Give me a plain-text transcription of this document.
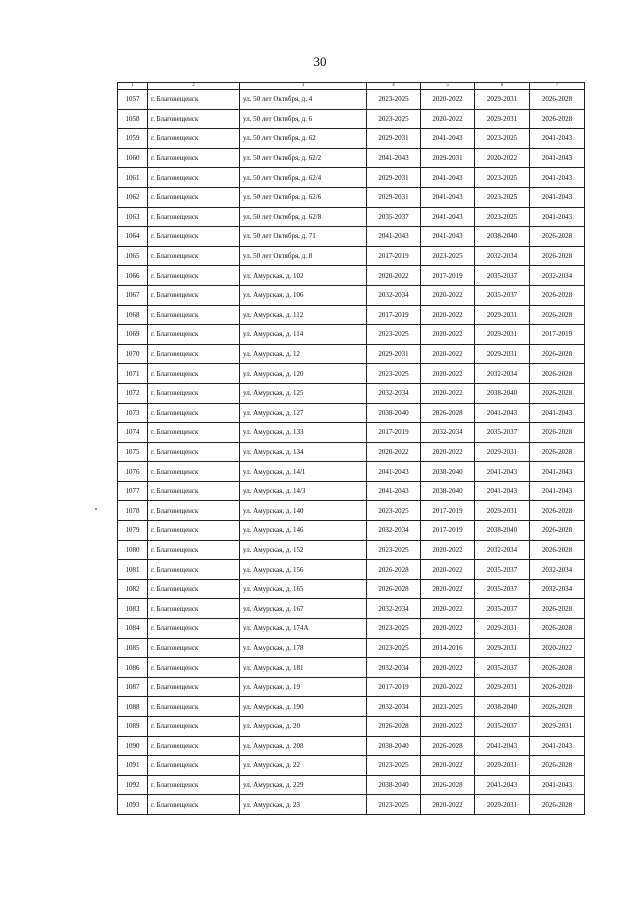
30
1	2	3	4	5	6	7
1057	г. Благовещенск	ул. 50 лет Октября, д. 4	2023-2025	2020-2022	2029-2031	2026-2028
1058	г. Благовещенск	ул. 50 лет Октября, д. 6	2023-2025	2020-2022	2029-2031	2026-2028
1059	г. Благовещенск	ул. 50 лет Октября, д. 62	2029-2031	2041-2043	2023-2025	2041-2043
1060	г. Благовещенск	ул. 50 лет Октября, д. 62/2	2041-2043	2029-2031	2020-2022	2041-2043
1061	г. Благовещенск	ул. 50 лет Октября, д. 62/4	2029-2031	2041-2043	2023-2025	2041-2043
1062	г. Благовещенск	ул. 50 лет Октября, д. 62/6	2029-2031	2041-2043	2023-2025	2041-2043
1063	г. Благовещенск	ул. 50 лет Октября, д. 62/8	2035-2037	2041-2043	2023-2025	2041-2043
1064	г. Благовещенск	ул. 50 лет Октября, д. 71	2041-2043	2041-2043	2038-2040	2026-2028
1065	г. Благовещенск	ул. 50 лет Октября, д. 8	2017-2019	2023-2025	2032-2034	2026-2028
1066	г. Благовещенск	ул. Амурская, д. 102	2020-2022	2017-2019	2035-2037	2032-2034
1067	г. Благовещенск	ул. Амурская, д. 106	2032-2034	2020-2022	2035-2037	2026-2028
1068	г. Благовещенск	ул. Амурская, д. 112	2017-2019	2020-2022	2029-2031	2026-2028
1069	г. Благовещенск	ул. Амурская, д. 114	2023-2025	2020-2022	2029-2031	2017-2019
1070	г. Благовещенск	ул. Амурская, д. 12	2029-2031	2020-2022	2029-2031	2026-2028
1071	г. Благовещенск	ул. Амурская, д. 120	2023-2025	2020-2022	2032-2034	2026-2028
1072	г. Благовещенск	ул. Амурская, д. 125	2032-2034	2020-2022	2038-2040	2026-2028
1073	г. Благовещенск	ул. Амурская, д. 127	2038-2040	2026-2028	2041-2043	2041-2043
1074	г. Благовещенск	ул. Амурская, д. 133	2017-2019	2032-2034	2035-2037	2026-2028
1075	г. Благовещенск	ул. Амурская, д. 134	2020-2022	2020-2022	2029-2031	2026-2028
1076	г. Благовещенск	ул. Амурская, д. 14/1	2041-2043	2038-2040	2041-2043	2041-2043
1077	г. Благовещенск	ул. Амурская, д. 14/3	2041-2043	2038-2040	2041-2043	2041-2043
1078	г. Благовещенск	ул. Амурская, д. 140	2023-2025	2017-2019	2029-2031	2026-2028
1079	г. Благовещенск	ул. Амурская, д. 146	2032-2034	2017-2019	2038-2040	2026-2028
1080	г. Благовещенск	ул. Амурская, д. 152	2023-2025	2020-2022	2032-2034	2026-2028
1081	г. Благовещенск	ул. Амурская, д. 156	2026-2028	2020-2022	2035-2037	2032-2034
1082	г. Благовещенск	ул. Амурская, д. 165	2026-2028	2020-2022	2035-2037	2032-2034
1083	г. Благовещенск	ул. Амурская, д. 167	2032-2034	2020-2022	2035-2037	2026-2028
1084	г. Благовещенск	ул. Амурская, д. 174А	2023-2025	2020-2022	2029-2031	2026-2028
1085	г. Благовещенск	ул. Амурская, д. 178	2023-2025	2014-2016	2029-2031	2020-2022
1086	г. Благовещенск	ул. Амурская, д. 181	2032-2034	2020-2022	2035-2037	2026-2028
1087	г. Благовещенск	ул. Амурская, д. 19	2017-2019	2020-2022	2029-2031	2026-2028
1088	г. Благовещенск	ул. Амурская, д. 190	2032-2034	2023-2025	2038-2040	2026-2028
1089	г. Благовещенск	ул. Амурская, д. 20	2026-2028	2020-2022	2035-2037	2029-2031
1090	г. Благовещенск	ул. Амурская, д. 208	2038-2040	2026-2028	2041-2043	2041-2043
1091	г. Благовещенск	ул. Амурская, д. 22	2023-2025	2020-2022	2029-2031	2026-2028
1092	г. Благовещенск	ул. Амурская, д. 229	2038-2040	2026-2028	2041-2043	2041-2043
1093	г. Благовещенск	ул. Амурская, д. 23	2023-2025	2020-2022	2029-2031	2026-2028
